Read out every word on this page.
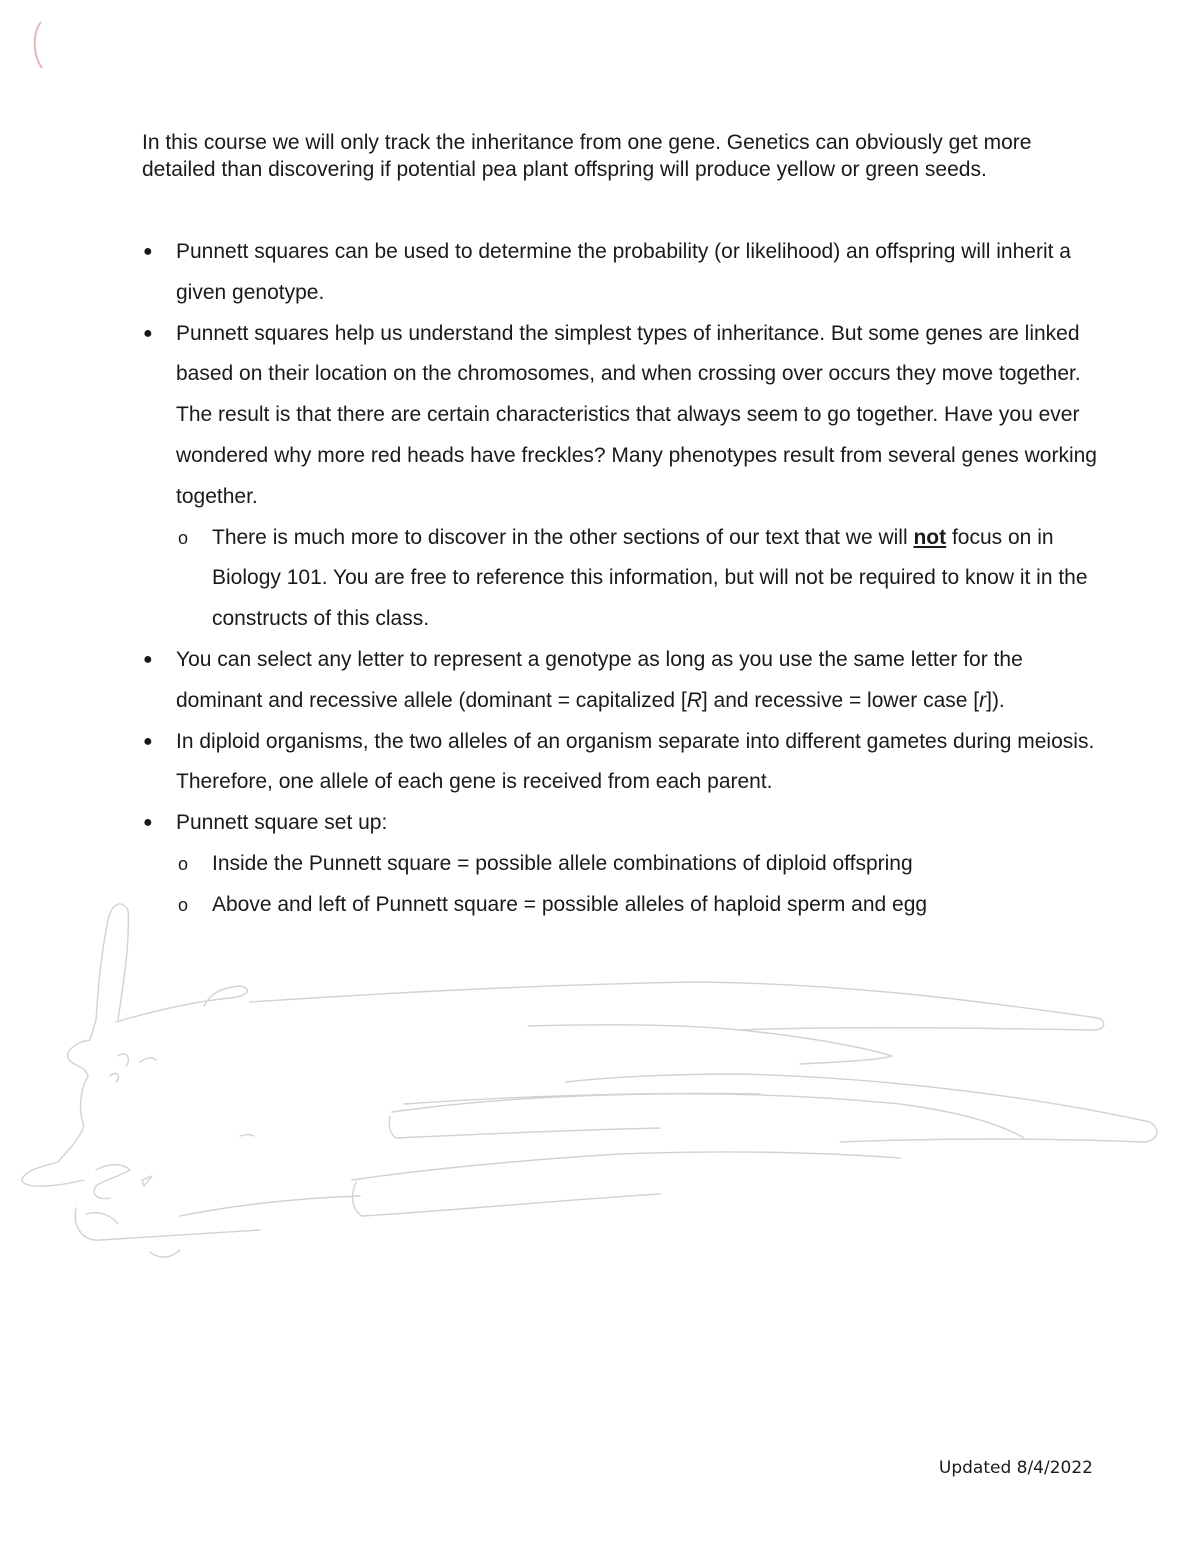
In this course we will only track the inheritance from one gene. Genetics can obviously get more detailed than discovering if potential pea plant offspring will produce yellow or green seeds.

● Punnett squares can be used to determine the probability (or likelihood) an offspring will inherit a given genotype.
● Punnett squares help us understand the simplest types of inheritance. But some genes are linked based on their location on the chromosomes, and when crossing over occurs they move together. The result is that there are certain characteristics that always seem to go together. Have you ever wondered why more red heads have freckles? Many phenotypes result from several genes working together.
o There is much more to discover in the other sections of our text that we will not focus on in Biology 101. You are free to reference this information, but will not be required to know it in the constructs of this class.
● You can select any letter to represent a genotype as long as you use the same letter for the dominant and recessive allele (dominant = capitalized [R] and recessive = lower case [r]).
● In diploid organisms, the two alleles of an organism separate into different gametes during meiosis. Therefore, one allele of each gene is received from each parent.
● Punnett square set up:
o Inside the Punnett square = possible allele combinations of diploid offspring
o Above and left of Punnett square = possible alleles of haploid sperm and egg
Updated 8/4/2022
